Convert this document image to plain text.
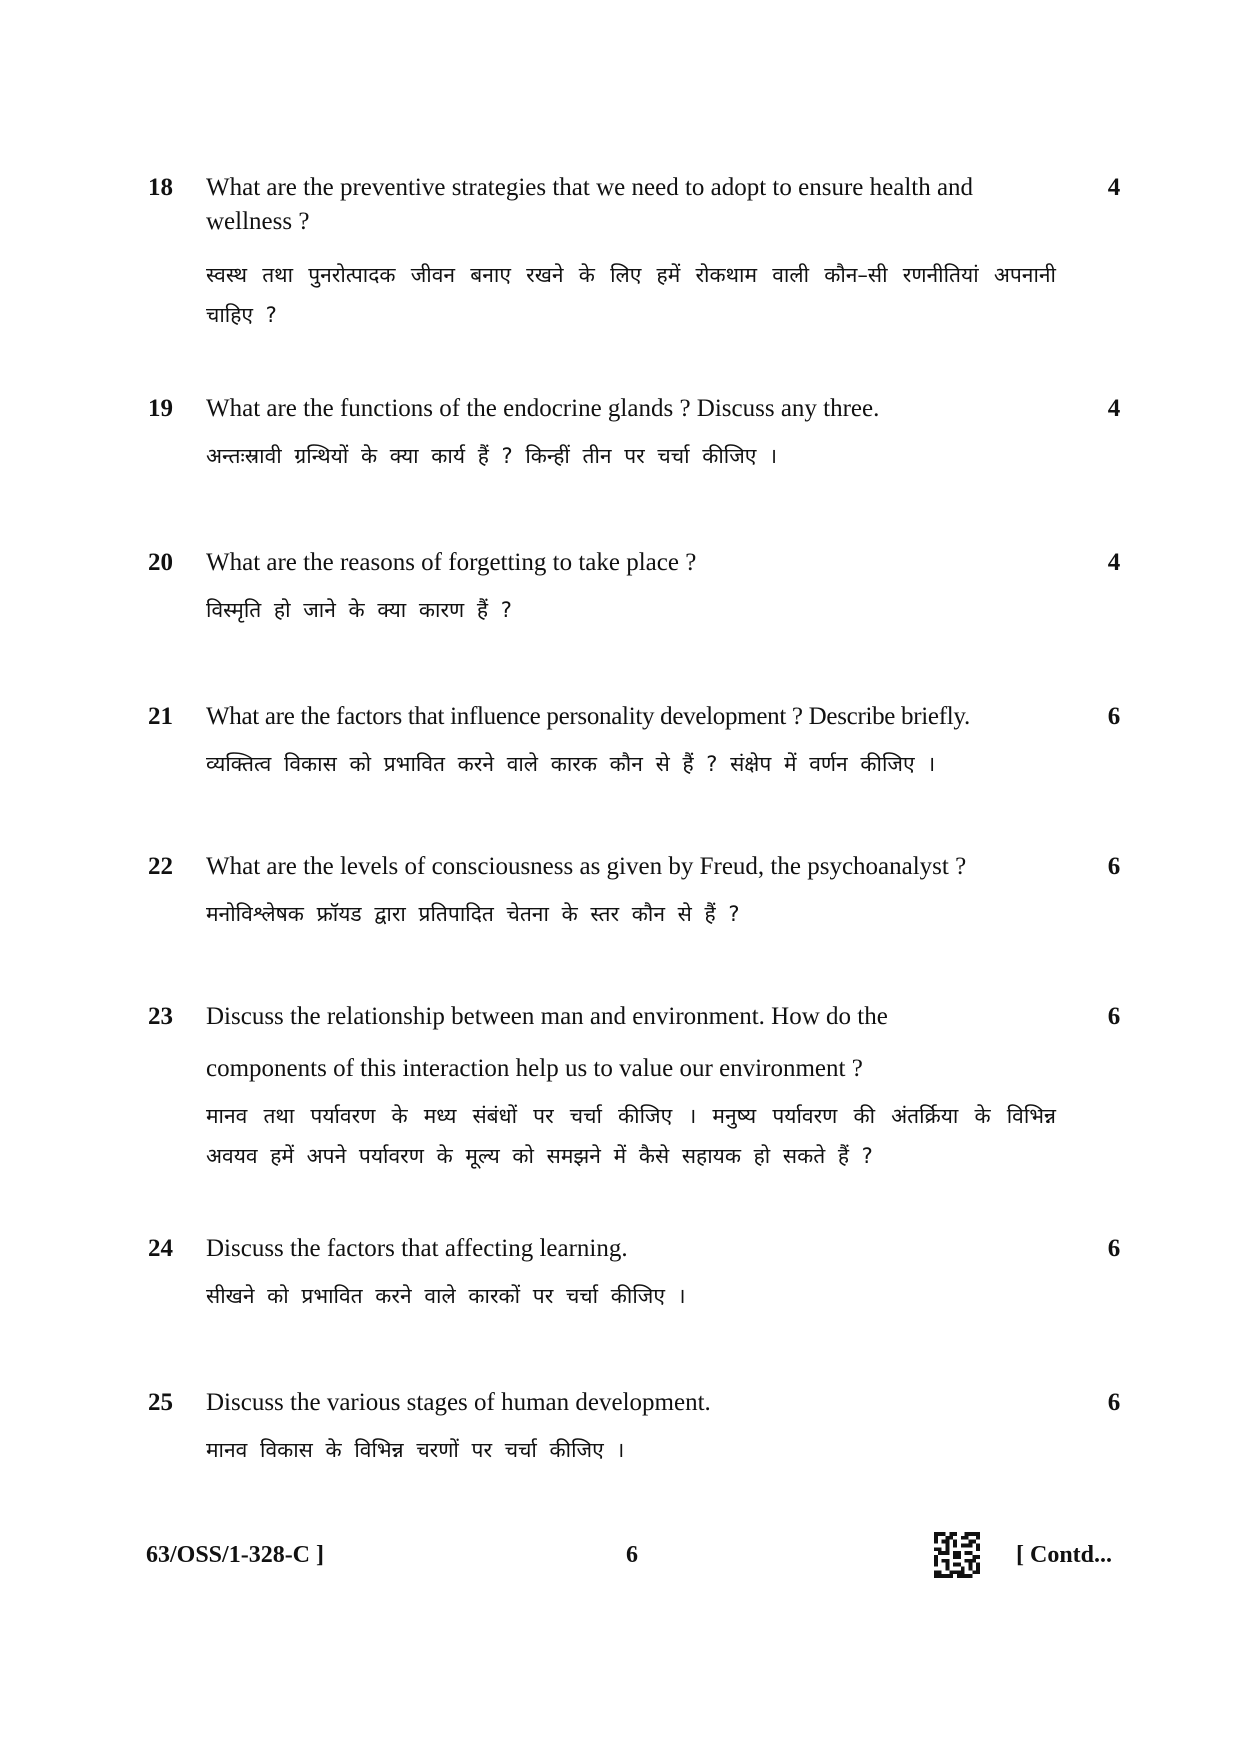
18 What are the preventive strategies that we need to adopt to ensure health and wellness ?
स्वस्थ तथा पुनरोत्पादक जीवन बनाए रखने के लिए हमें रोकथाम वाली कौन–सी रणनीतियां अपनानी चाहिए ?
4
19 What are the functions of the endocrine glands ? Discuss any three.
अन्तःस्रावी ग्रन्थियों के क्या कार्य हैं ? किन्हीं तीन पर चर्चा कीजिए ।
4
20 What are the reasons of forgetting to take place ?
विस्मृति हो जाने के क्या कारण हैं ?
4
21 What are the factors that influence personality development ? Describe briefly.
व्यक्तित्व विकास को प्रभावित करने वाले कारक कौन से हैं ? संक्षेप में वर्णन कीजिए ।
6
22 What are the levels of consciousness as given by Freud, the psychoanalyst ?
मनोविश्लेषक फ्रॉयड द्वारा प्रतिपादित चेतना के स्तर कौन से हैं ?
6
23 Discuss the relationship between man and environment. How do the
components of this interaction help us to value our environment ?
मानव तथा पर्यावरण के मध्य संबंधों पर चर्चा कीजिए । मनुष्य पर्यावरण की अंतर्क्रिया के विभिन्न अवयव हमें अपने पर्यावरण के मूल्य को समझने में कैसे सहायक हो सकते हैं ?
6
24 Discuss the factors that affecting learning.
सीखने को प्रभावित करने वाले कारकों पर चर्चा कीजिए ।
6
25 Discuss the various stages of human development.
मानव विकास के विभिन्न चरणों पर चर्चा कीजिए ।
6
63/OSS/1-328-C ]	6	[ Contd...
